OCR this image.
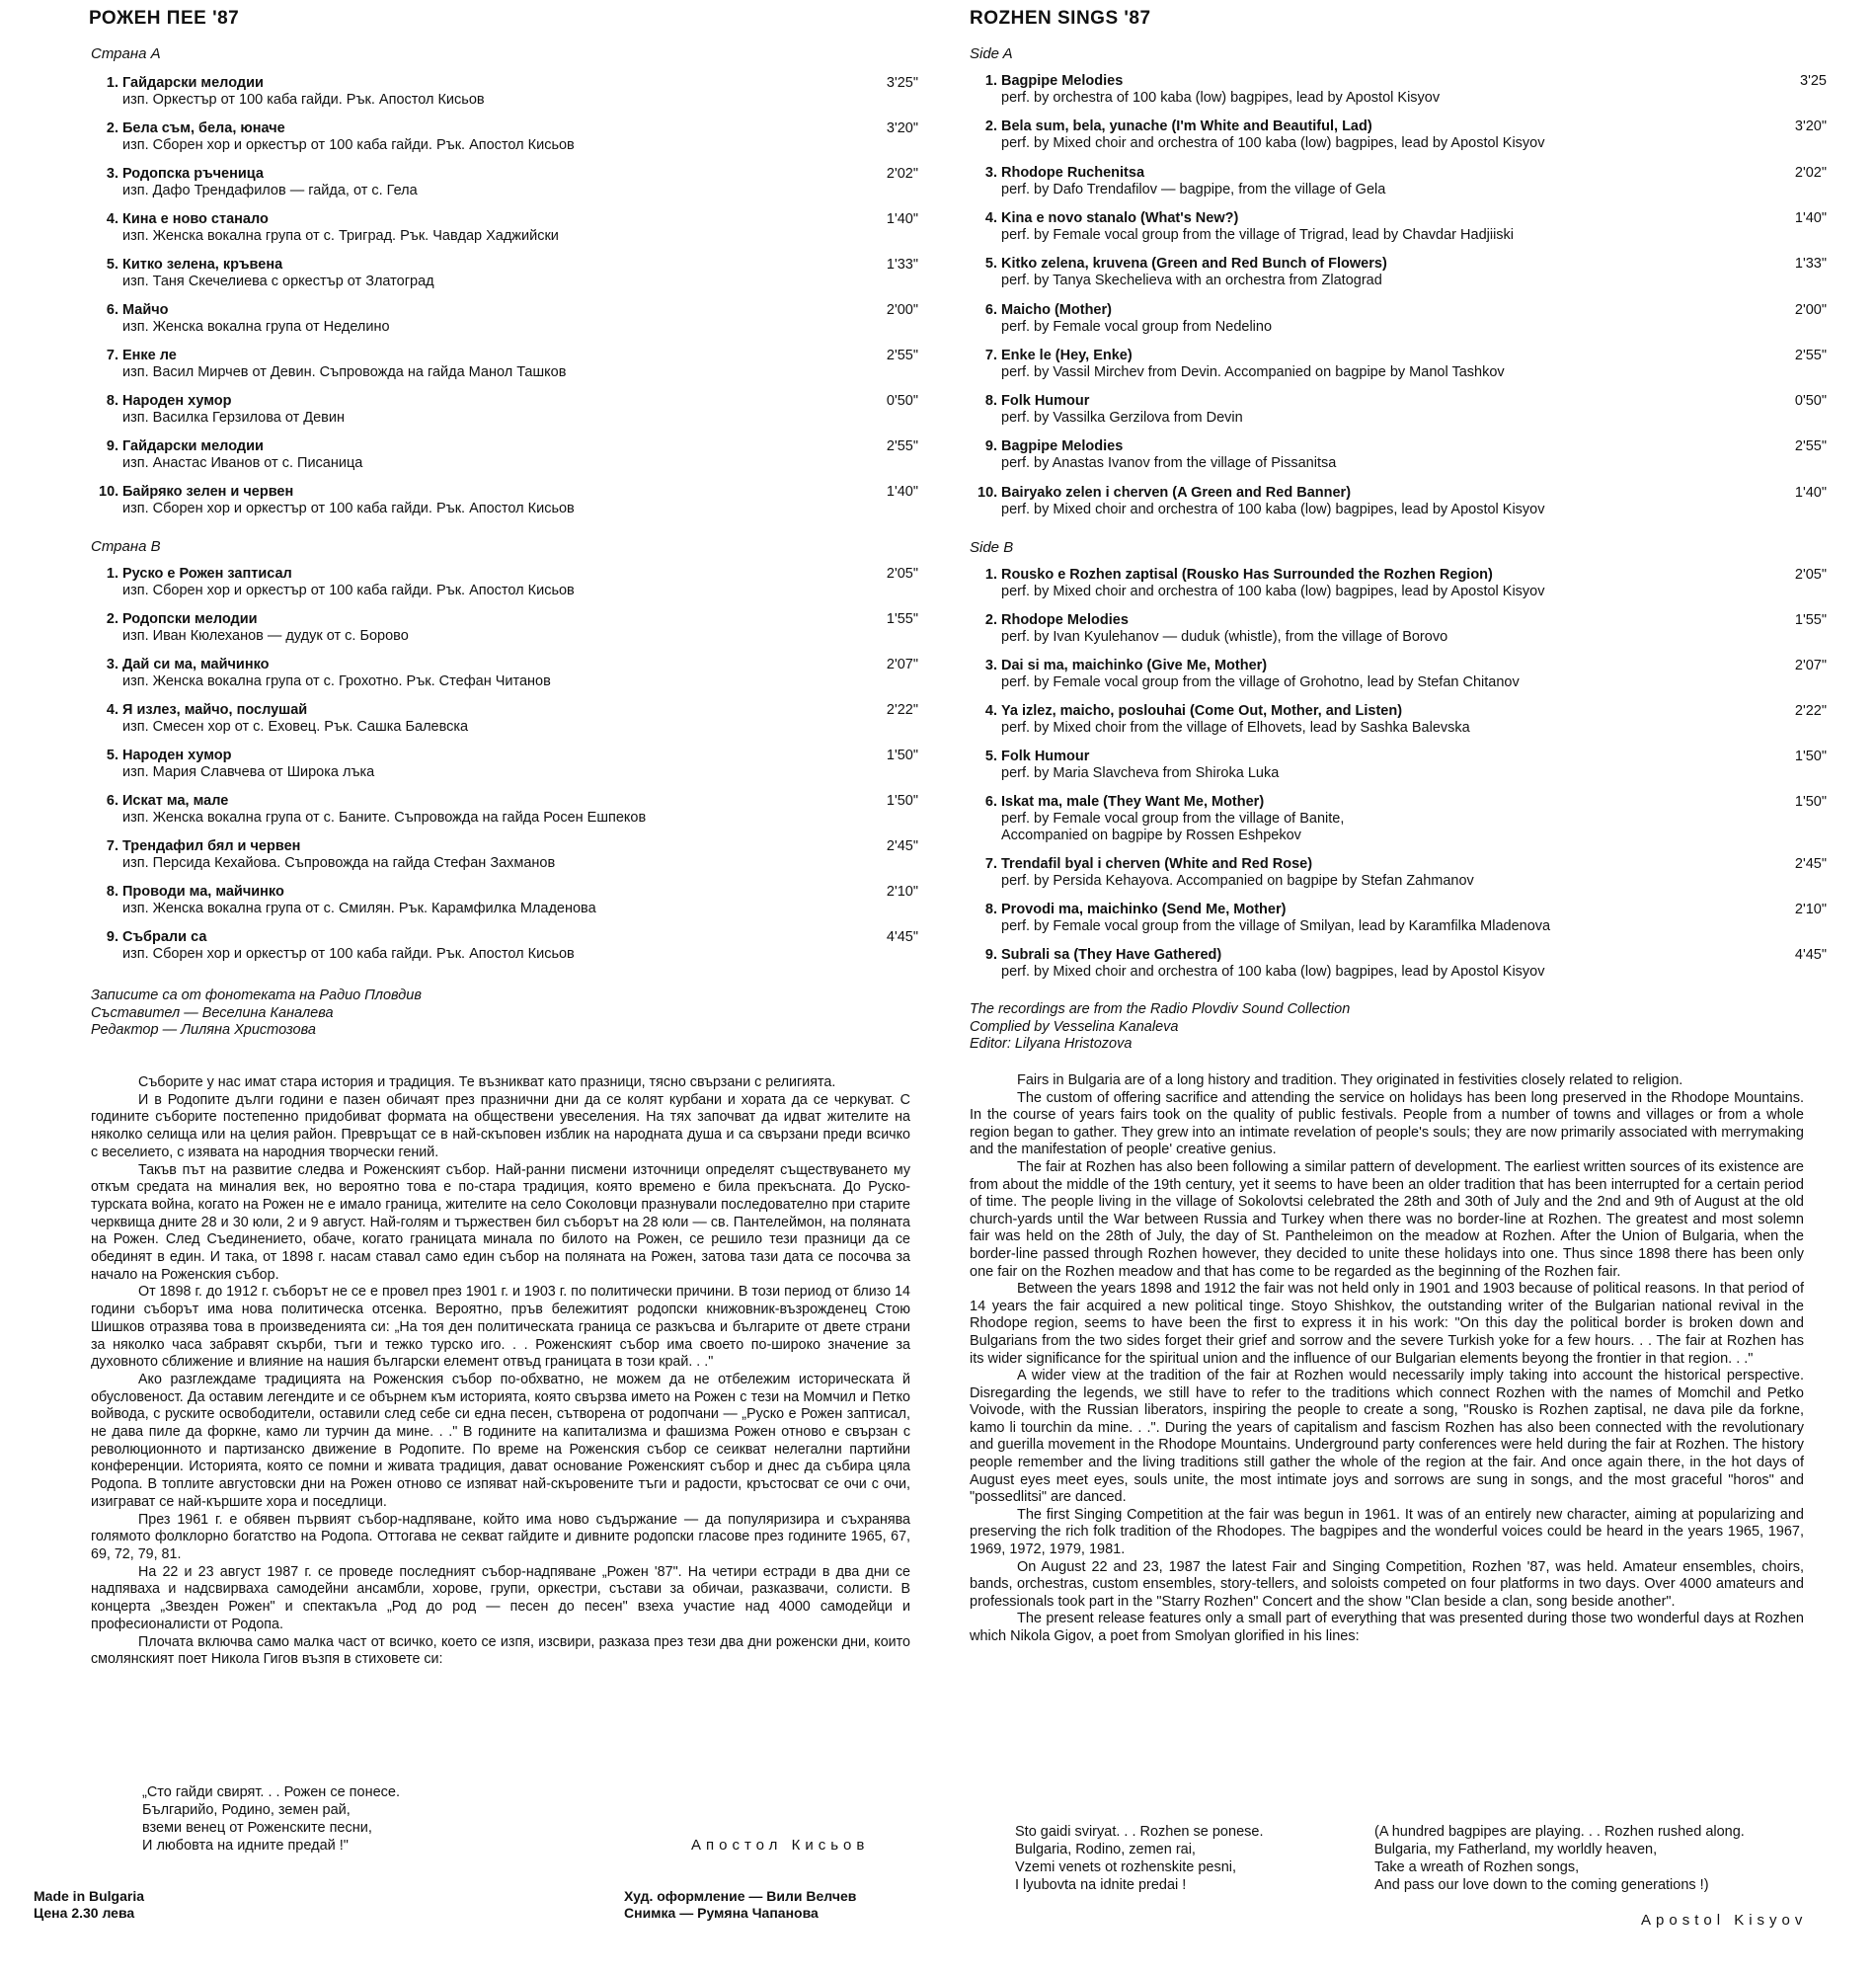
РОЖЕН ПЕЕ '87
Страна А
1. Гайдарски мелодии
изп. Оркестър от 100 каба гайди. Рък. Апостол Кисьов
3'25"
2. Бела съм, бела, юначе
изп. Сборен хор и оркестър от 100 каба гайди. Рък. Апостол Кисьов
3'20"
3. Родопска ръченица
изп. Дафо Трендафилов — гайда, от с. Гела
2'02"
4. Кина е ново станало
изп. Женска вокална група от с. Триград. Рък. Чавдар Хаджийски
1'40"
5. Китко зелена, кръвена
изп. Таня Скечелиева с оркестър от Златоград
1'33"
6. Майчо
изп. Женска вокална група от Неделино
2'00"
7. Енке ле
изп. Васил Мирчев от Девин. Съпровожда на гайда Манол Ташков
2'55"
8. Народен хумор
изп. Василка Герзилова от Девин
0'50"
9. Гайдарски мелодии
изп. Анастас Иванов от с. Писаница
2'55"
10. Байряко зелен и червен
изп. Сборен хор и оркестър от 100 каба гайди. Рък. Апостол Кисьов
1'40"
Страна В
1. Руско е Рожен заптисал
изп. Сборен хор и оркестър от 100 каба гайди. Рък. Апостол Кисьов
2'05"
2. Родопски мелодии
изп. Иван Кюлеханов — дудук от с. Борово
1'55"
3. Дай си ма, майчинко
изп. Женска вокална група от с. Грохотно. Рък. Стефан Читанов
2'07"
4. Я излез, майчо, послушай
изп. Смесен хор от с. Еховец. Рък. Сашка Балевска
2'22"
5. Народен хумор
изп. Мария Славчева от Широка лъка
1'50"
6. Искат ма, мале
изп. Женска вокална група от с. Баните. Съпровожда на гайда Росен Ешпеков
1'50"
7. Трендафил бял и червен
изп. Персида Кехайова. Съпровожда на гайда Стефан Захманов
2'45"
8. Проводи ма, майчинко
изп. Женска вокална група от с. Смилян. Рък. Карамфилка Младенова
2'10"
9. Събрали са
изп. Сборен хор и оркестър от 100 каба гайди. Рък. Апостол Кисьов
4'45"
Записите са от фонотеката на Радио Пловдив
Съставител — Веселина Каналева
Редактор — Лиляна Христозова

Съборите у нас имат стара история и традиция. Те възникват като празници, тясно свързани с религията.

И в Родопите дълги години е пазен обичаят през празнични дни да се колят курбани и хората да се черкуват. С годините съборите постепенно придобиват формата на обществени увеселения. На тях започват да идват жителите на няколко селища или на целия район. Превръщат се в най-скъповен изблик на народната душа и са свързани преди всичко с веселието, с изявата на народния творчески гений.

Такъв път на развитие следва и Роженският събор. Най-ранни писмени източници определят съществуването му откъм средата на миналия век, но вероятно това е по-стара традиция, която времено е била прекъсната. До Руско-турската война, когато на Рожен не е имало граница, жителите на село Соколовци празнували последователно при старите черквища дните 28 и 30 юли, 2 и 9 август. Най-голям и тържествен бил съборът на 28 юли — св. Пантелеймон, на поляната на Рожен. След Съединението, обаче, когато границата минала по билото на Рожен, се решило тези празници да се обединят в един. И така, от 1898 г. насам ставал само един събор на поляната на Рожен, затова тази дата се посочва за начало на Роженския събор.

От 1898 г. до 1912 г. съборът не се е провел през 1901 г. и 1903 г. по политически причини. В този период от близо 14 години съборът има нова политическа отсенка. Вероятно, пръв бележитият родопски книжовник-възрожденец Стою Шишков отразява това в произведенията си: „На тоя ден политическата граница се разкъсва и българите от двете страни за няколко часа забравят скърби, тъги и тежко турско иго. . . Роженският събор има своето по-широко значение за духовното сближение и влияние на нашия български елемент отвъд границата в този край. . ."

Ако разглеждаме традицията на Роженския събор по-обхватно, не можем да не отбележим историческата й обусловеност. Да оставим легендите и се обърнем към историята, която свързва името на Рожен с тези на Момчил и Петко войвода, с руските освободители, оставили след себе си една песен, сътворена от родопчани — „Руско е Рожен заптисал, не дава пиле да форкне, камо ли турчин да мине. . ." В годините на капитализма и фашизма Рожен отново е свързан с революционното и партизанско движение в Родопите. По време на Роженския събор се сеикват нелегални партийни конференции. Историята, която се помни и живата традиция, дават основание Роженският събор и днес да събира цяла Родопа. В топлите августовски дни на Рожен отново се изпяват най-скъровените тъги и радости, кръстосват се очи с очи, изиграват се най-кършите хора и поседлици.

През 1961 г. е обявен първият събор-надпяване, който има ново съдържание — да популяризира и съхранява голямото фолклорно богатство на Родопа. Оттогава не секват гайдите и дивните родопски гласове през годините 1965, 67, 69, 72, 79, 81.

На 22 и 23 август 1987 г. се проведе последният събор-надпяване „Рожен '87". На четири естради в два дни се надпяваха и надсвирваха самодейни ансамбли, хорове, групи, оркестри, състави за обичаи, разказвачи, солисти. В концерта „Звезден Рожен" и спектакъла „Род до род — песен до песен" взеха участие над 4000 самодейци и професионалисти от Родопа.

Плочата включва само малка част от всичко, което се изпя, изсвири, разказа през тези два дни роженски дни, които смолянският поет Никола Гигов възпя в стиховете си:

„Сто гайди свирят. . . Рожен се понесе.
Българийо, Родино, земен рай,
вземи венец от Роженските песни,
И любовта на идните предай !"	Апостол Кисьов
Made in Bulgaria
Цена 2.30 лева
Худ. оформление — Вили Велчев
Снимка — Румяна Чапанова
ROZHEN SINGS '87
Side A
1. Bagpipe Melodies
perf. by orchestra of 100 kaba (low) bagpipes, lead by Apostol Kisyov
3'25
2. Bela sum, bela, yunache (I'm White and Beautiful, Lad)
perf. by Mixed choir and orchestra of 100 kaba (low) bagpipes, lead by Apostol Kisyov
3'20"
3. Rhodope Ruchenitsa
perf. by Dafo Trendafilov — bagpipe, from the village of Gela
2'02"
4. Kina e novo stanalo (What's New?)
perf. by Female vocal group from the village of Trigrad, lead by Chavdar Hadjiiski
1'40"
5. Kitko zelena, kruvena (Green and Red Bunch of Flowers)
perf. by Tanya Skechelieva with an orchestra from Zlatograd
1'33"
6. Maicho (Mother)
perf. by Female vocal group from Nedelino
2'00"
7. Enke le (Hey, Enke)
perf. by Vassil Mirchev from Devin. Accompanied on bagpipe by Manol Tashkov
2'55"
8. Folk Humour
perf. by Vassilka Gerzilova from Devin
0'50"
9. Bagpipe Melodies
perf. by Anastas Ivanov from the village of Pissanitsa
2'55"
10. Bairyako zelen i cherven (A Green and Red Banner)
perf. by Mixed choir and orchestra of 100 kaba (low) bagpipes, lead by Apostol Kisyov
1'40"
Side B
1. Rousko e Rozhen zaptisal (Rousko Has Surrounded the Rozhen Region)
perf. by Mixed choir and orchestra of 100 kaba (low) bagpipes, lead by Apostol Kisyov
2'05"
2. Rhodope Melodies
perf. by Ivan Kyulehanov — duduk (whistle), from the village of Borovo
1'55"
3. Dai si ma, maichinko (Give Me, Mother)
perf. by Female vocal group from the village of Grohotno, lead by Stefan Chitanov
2'07"
4. Ya izlez, maicho, poslouhai (Come Out, Mother, and Listen)
perf. by Mixed choir from the village of Elhovets, lead by Sashka Balevska
2'22"
5. Folk Humour
perf. by Maria Slavcheva from Shiroka Luka
1'50"
6. Iskat ma, male (They Want Me, Mother)
perf. by Female vocal group from the village of Banite,
Accompanied on bagpipe by Rossen Eshpekov
1'50"
7. Trendafil byal i cherven (White and Red Rose)
perf. by Persida Kehayova. Accompanied on bagpipe by Stefan Zahmanov
2'45"
8. Provodi ma, maichinko (Send Me, Mother)
perf. by Female vocal group from the village of Smilyan, lead by Karamfilka Mladenova
2'10"
9. Subrali sa (They Have Gathered)
perf. by Mixed choir and orchestra of 100 kaba (low) bagpipes, lead by Apostol Kisyov
4'45"
The recordings are from the Radio Plovdiv Sound Collection
Complied by Vesselina Kanaleva
Editor: Lilyana Hristozova

Fairs in Bulgaria are of a long history and tradition. They originated in festivities closely related to religion.

The custom of offering sacrifice and attending the service on holidays has been long preserved in the Rhodope Mountains. In the course of years fairs took on the quality of public festivals. People from a number of towns and villages or from a whole region began to gather. They grew into an intimate revelation of people's souls; they are now primarily associated with merrymaking and the manifestation of people' creative genius.

The fair at Rozhen has also been following a similar pattern of development. The earliest written sources of its existence are from about the middle of the 19th century, yet it seems to have been an older tradition that has been interrupted for a certain period of time. The people living in the village of Sokolovtsi celebrated the 28th and 30th of July and the 2nd and 9th of August at the old church-yards until the War between Russia and Turkey when there was no border-line at Rozhen. The greatest and most solemn fair was held on the 28th of July, the day of St. Pantheleimon on the meadow at Rozhen. After the Union of Bulgaria, when the border-line passed through Rozhen however, they decided to unite these holidays into one. Thus since 1898 there has been only one fair on the Rozhen meadow and that has come to be regarded as the beginning of the Rozhen fair.

Between the years 1898 and 1912 the fair was not held only in 1901 and 1903 because of political reasons. In that period of 14 years the fair acquired a new political tinge. Stoyo Shishkov, the outstanding writer of the Bulgarian national revival in the Rhodope region, seems to have been the first to express it in his work: "On this day the political border is broken down and Bulgarians from the two sides forget their grief and sorrow and the severe Turkish yoke for a few hours. . . The fair at Rozhen has its wider significance for the spiritual union and the influence of our Bulgarian elements beyong the frontier in that region. . ."

A wider view at the tradition of the fair at Rozhen would necessarily imply taking into account the historical perspective. Disregarding the legends, we still have to refer to the traditions which connect Rozhen with the names of Momchil and Petko Voivode, with the Russian liberators, inspiring the people to create a song, "Rousko is Rozhen zaptisal, ne dava pile da forkne, kamo li tourchin da mine. . .". During the years of capitalism and fascism Rozhen has also been connected with the revolutionary and guerilla movement in the Rhodope Mountains. Underground party conferences were held during the fair at Rozhen. The history people remember and the living traditions still gather the whole of the region at the fair. And once again there, in the hot days of August eyes meet eyes, souls unite, the most intimate joys and sorrows are sung in songs, and the most graceful "horos" and "possedlitsi" are danced.

The first Singing Competition at the fair was begun in 1961. It was of an entirely new character, aiming at popularizing and preserving the rich folk tradition of the Rhodopes. The bagpipes and the wonderful voices could be heard in the years 1965, 1967, 1969, 1972, 1979, 1981.

On August 22 and 23, 1987 the latest Fair and Singing Competition, Rozhen '87, was held. Amateur ensembles, choirs, bands, orchestras, custom ensembles, story-tellers, and soloists competed on four platforms in two days. Over 4000 amateurs and professionals took part in the "Starry Rozhen" Concert and the show "Clan beside a clan, song beside another".

The present release features only a small part of everything that was presented during those two wonderful days at Rozhen which Nikola Gigov, a poet from Smolyan glorified in his lines:

Sto gaidi sviryat. . . Rozhen se ponese.
Bulgaria, Rodino, zemen rai,
Vzemi venets ot rozhenskite pesni,
I lyubovta na idnite predai !
(A hundred bagpipes are playing. . . Rozhen rushed along.
Bulgaria, my Fatherland, my worldly heaven,
Take a wreath of Rozhen songs,
And pass our love down to the coming generations !)
Apostol Kisyov
